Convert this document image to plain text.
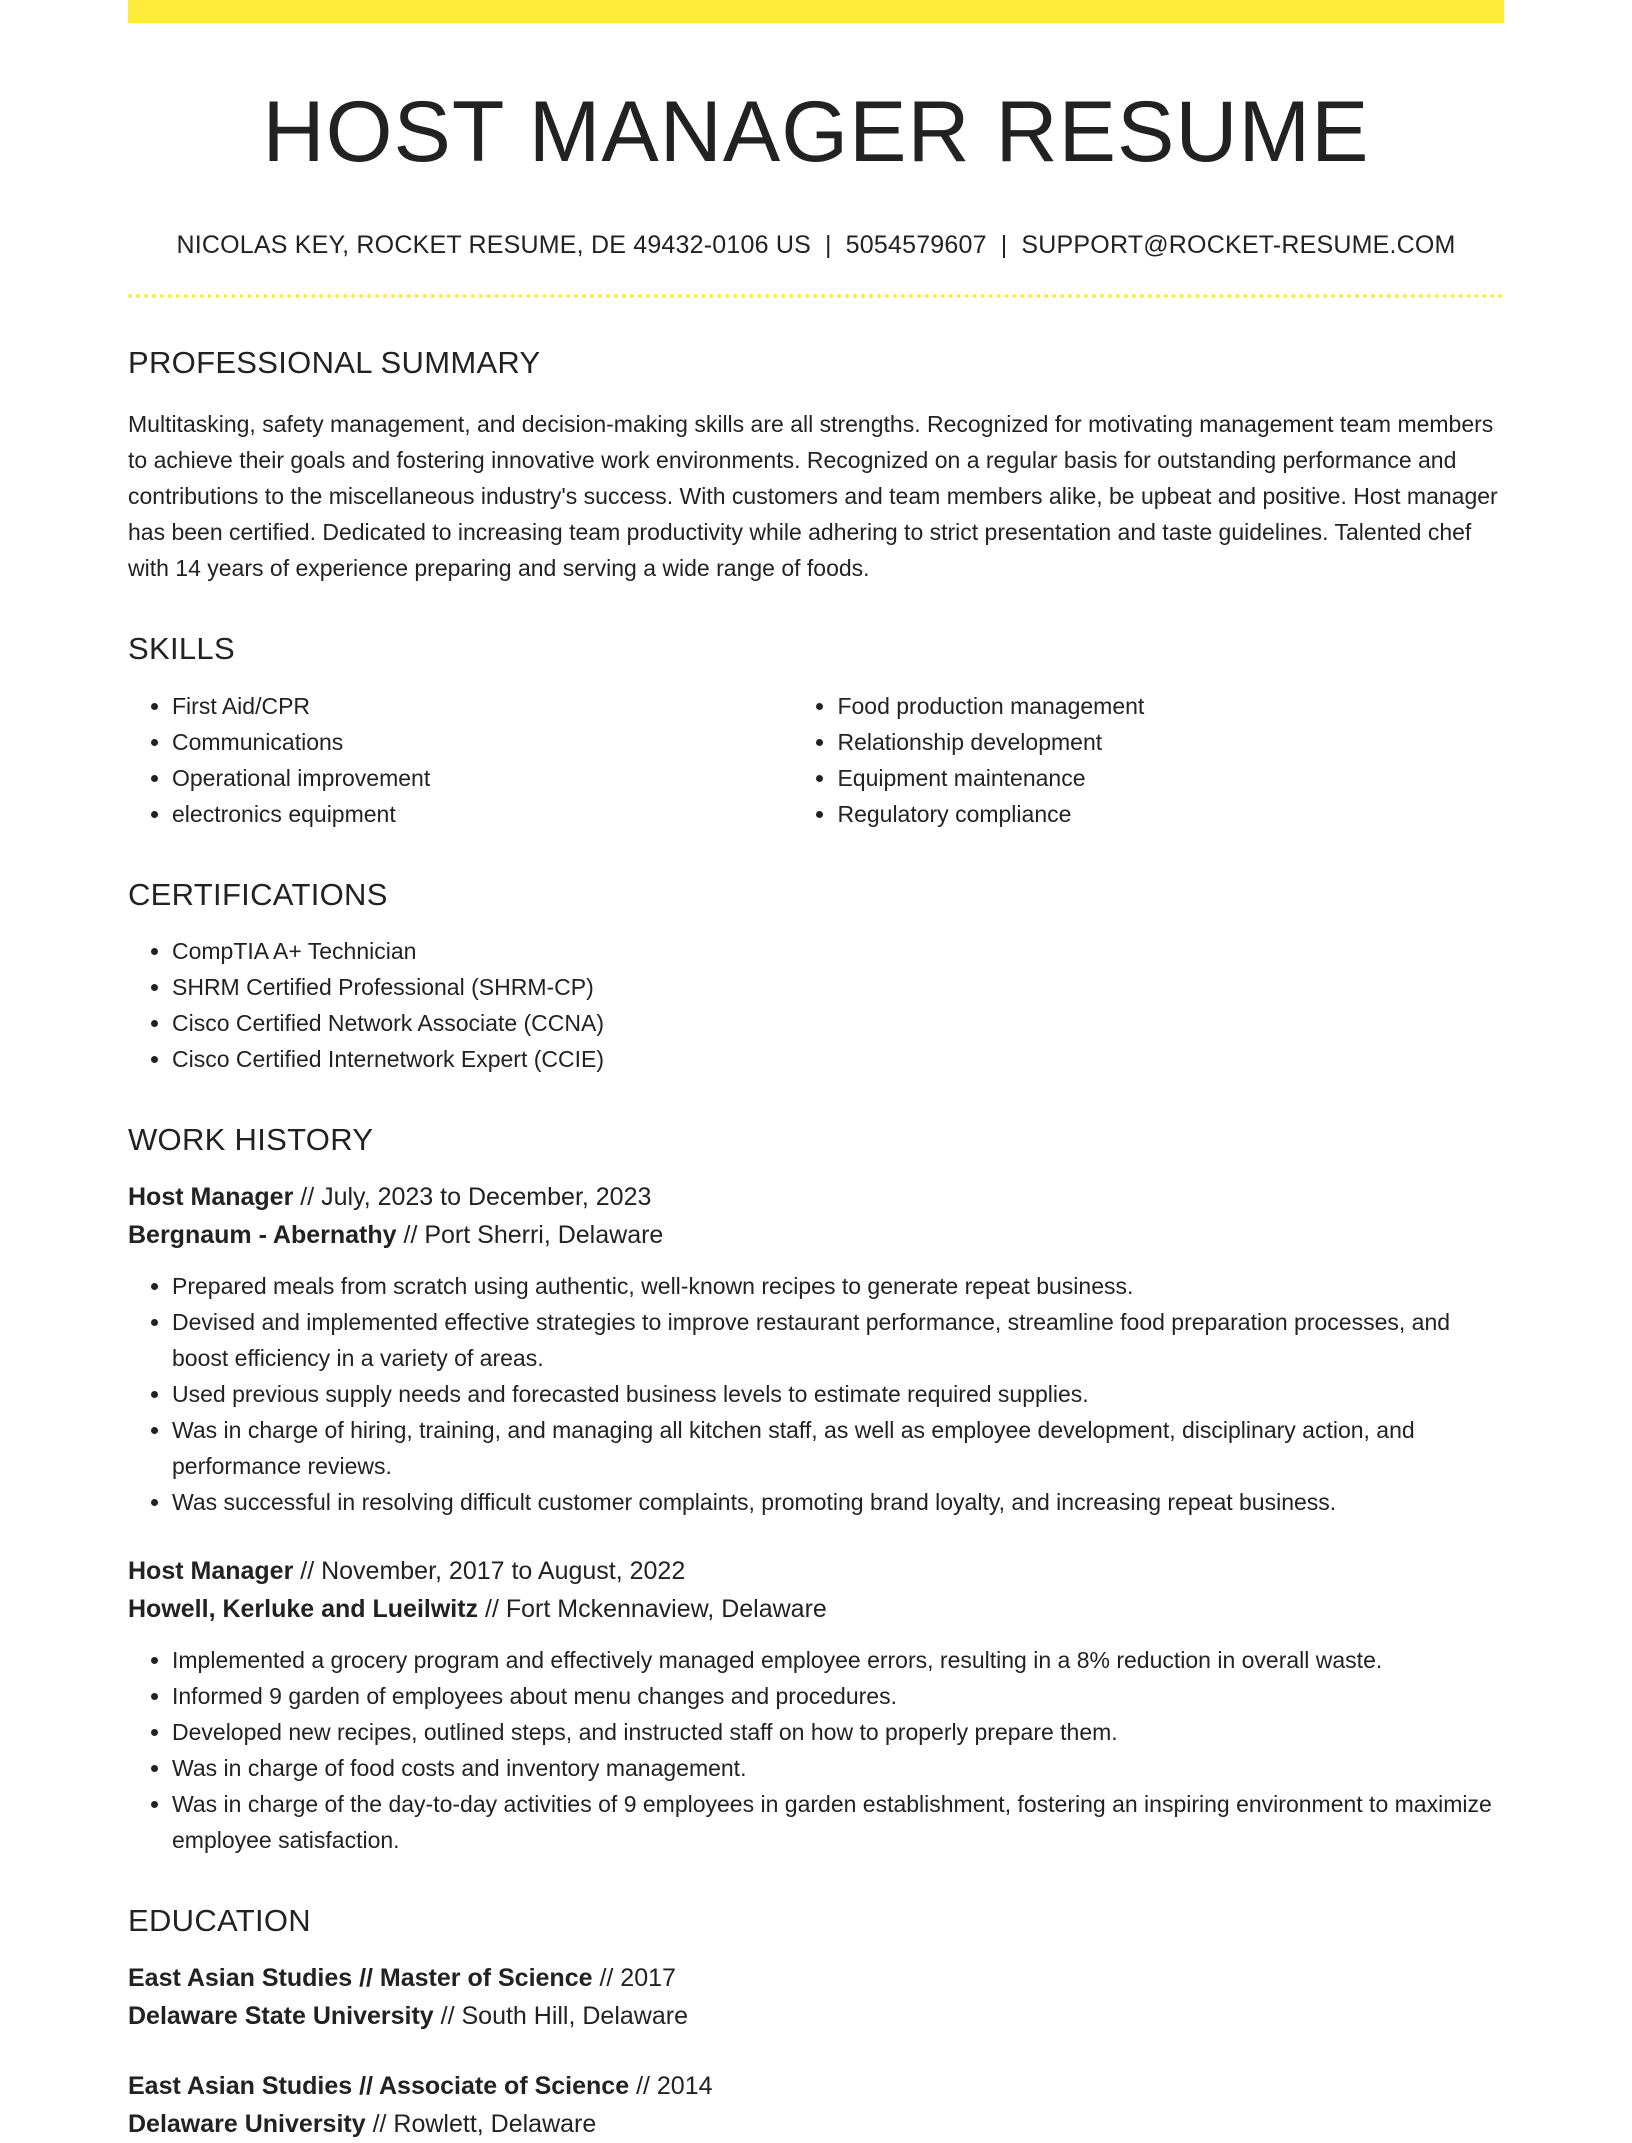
HOST MANAGER RESUME
NICOLAS KEY, ROCKET RESUME, DE 49432-0106 US | 5054579607 | SUPPORT@ROCKET-RESUME.COM
PROFESSIONAL SUMMARY

Multitasking, safety management, and decision-making skills are all strengths. Recognized for motivating management team members to achieve their goals and fostering innovative work environments. Recognized on a regular basis for outstanding performance and contributions to the miscellaneous industry's success. With customers and team members alike, be upbeat and positive. Host manager has been certified. Dedicated to increasing team productivity while adhering to strict presentation and taste guidelines. Talented chef with 14 years of experience preparing and serving a wide range of foods.

SKILLS
• First Aid/CPR
• Communications
• Operational improvement
• electronics equipment
• Food production management
• Relationship development
• Equipment maintenance
• Regulatory compliance
CERTIFICATIONS
• CompTIA A+ Technician
• SHRM Certified Professional (SHRM-CP)
• Cisco Certified Network Associate (CCNA)
• Cisco Certified Internetwork Expert (CCIE)
WORK HISTORY
Host Manager // July, 2023 to December, 2023
Bergnaum - Abernathy // Port Sherri, Delaware
• Prepared meals from scratch using authentic, well-known recipes to generate repeat business.
• Devised and implemented effective strategies to improve restaurant performance, streamline food preparation processes, and boost efficiency in a variety of areas.
• Used previous supply needs and forecasted business levels to estimate required supplies.
• Was in charge of hiring, training, and managing all kitchen staff, as well as employee development, disciplinary action, and performance reviews.
• Was successful in resolving difficult customer complaints, promoting brand loyalty, and increasing repeat business.
Host Manager // November, 2017 to August, 2022
Howell, Kerluke and Lueilwitz // Fort Mckennaview, Delaware
• Implemented a grocery program and effectively managed employee errors, resulting in a 8% reduction in overall waste.
• Informed 9 garden of employees about menu changes and procedures.
• Developed new recipes, outlined steps, and instructed staff on how to properly prepare them.
• Was in charge of food costs and inventory management.
• Was in charge of the day-to-day activities of 9 employees in garden establishment, fostering an inspiring environment to maximize employee satisfaction.
EDUCATION
East Asian Studies // Master of Science // 2017
Delaware State University // South Hill, Delaware
East Asian Studies // Associate of Science // 2014
Delaware University // Rowlett, Delaware
